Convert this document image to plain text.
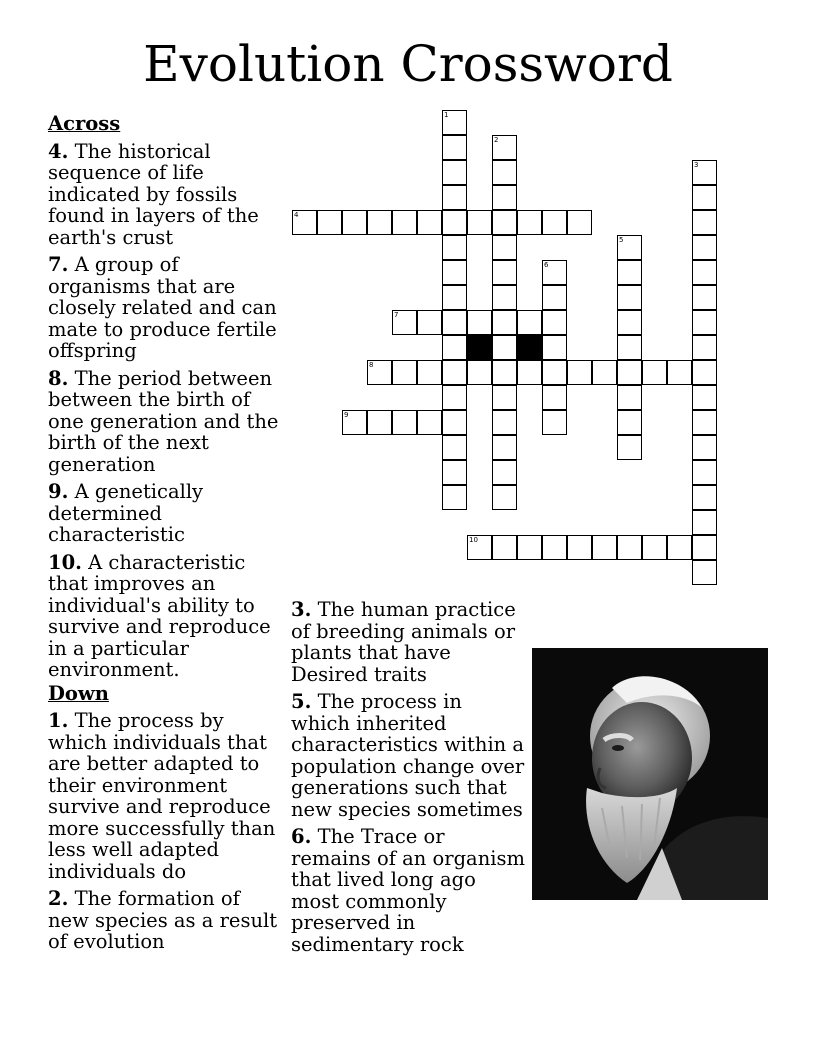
Evolution Crossword
Across
4. The historical sequence of life indicated by fossils found in layers of the earth's crust
7. A group of organisms that are closely related and can mate to produce fertile offspring
8. The period between between the birth of one generation and the birth of the next generation
9. A genetically determined characteristic
10. A characteristic that improves an individual's ability to survive and reproduce in a particular environment.
Down
1. The process by which individuals that are better adapted to their environment survive and reproduce more successfully than less well adapted individuals do
2. The formation of new species as a result of evolution
3. The human practice of breeding animals or plants that have Desired traits
5. The process in which inherited characteristics within a population change over generations such that new species sometimes
6. The Trace or remains of an organism that lived long ago most commonly preserved in sedimentary rock
1
2
3
4
5
6
7
8
9
10
